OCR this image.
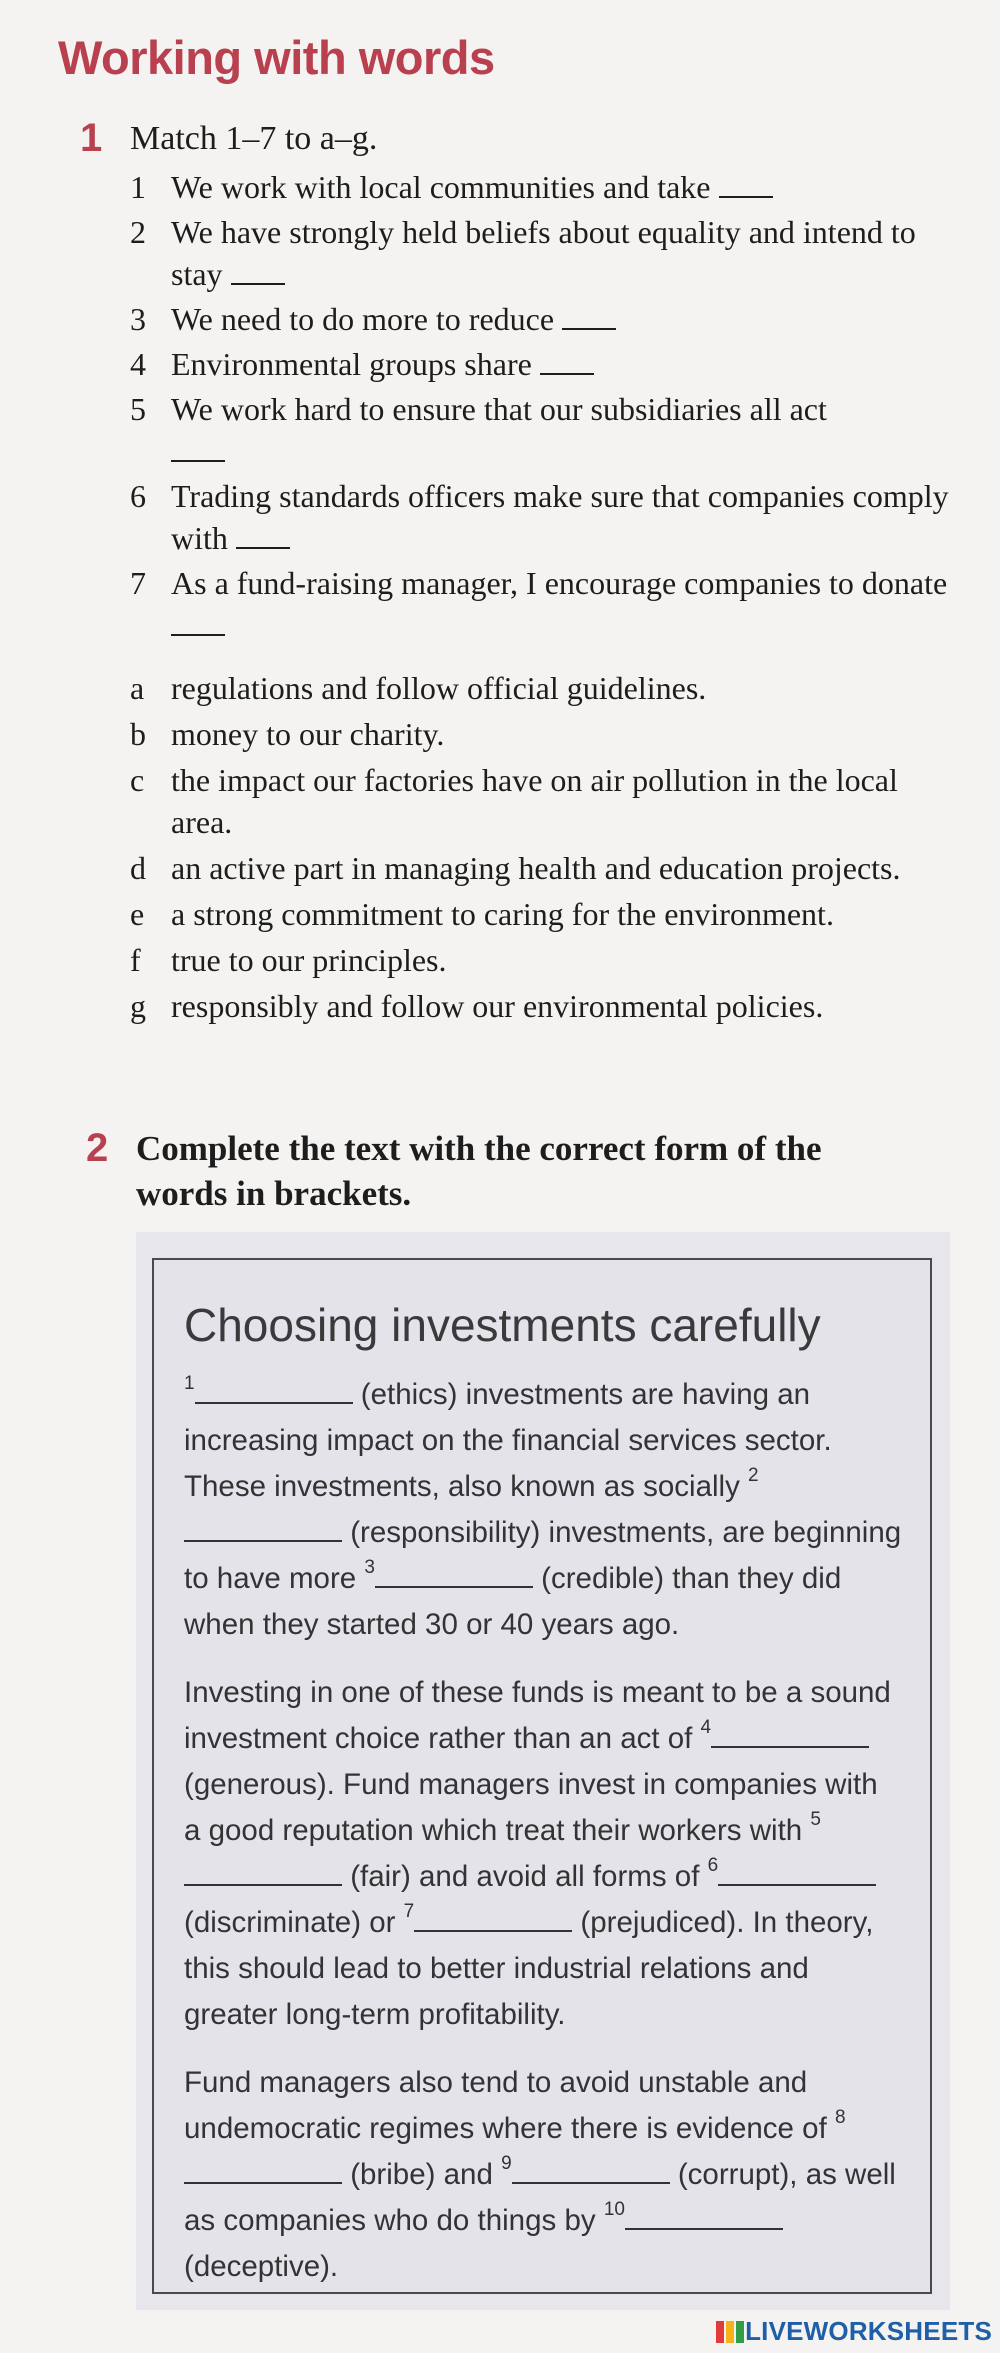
Working with words
1 Match 1–7 to a–g.
1 We work with local communities and take
2 We have strongly held beliefs about equality and intend to stay
3 We need to do more to reduce
4 Environmental groups share
5 We work hard to ensure that our subsidiaries all act

6 Trading standards officers make sure that companies comply with
7 As a fund-raising manager, I encourage companies to donate
a regulations and follow official guidelines.
b money to our charity.
c the impact our factories have on air pollution in the local area.
d an active part in managing health and education projects.
e a strong commitment to caring for the environment.
f true to our principles.
g responsibly and follow our environmental policies.
2 Complete the text with the correct form of the words in brackets.
Choosing investments carefully

$^1$	(ethics) investments are having an increasing impact on the financial services sector. These investments, also known as socially $^2$ (responsibility) investments, are beginning to have more $^3$	(credible) than they did when they started 30 or 40 years ago.

Investing in one of these funds is meant to be a sound investment choice rather than an act of $^4$ (generous). Fund managers invest in companies with a good reputation which treat their workers with $^5$ (fair) and avoid all forms of $^6$ (discriminate) or $^7$	(prejudiced). In theory, this should lead to better industrial relations and greater long-term profitability.

Fund managers also tend to avoid unstable and undemocratic regimes where there is evidence of $^8$ (bribe) and $^9$	(corrupt), as well as companies who do things by $^{10}$ (deceptive).

LIVEWORKSHEETS
